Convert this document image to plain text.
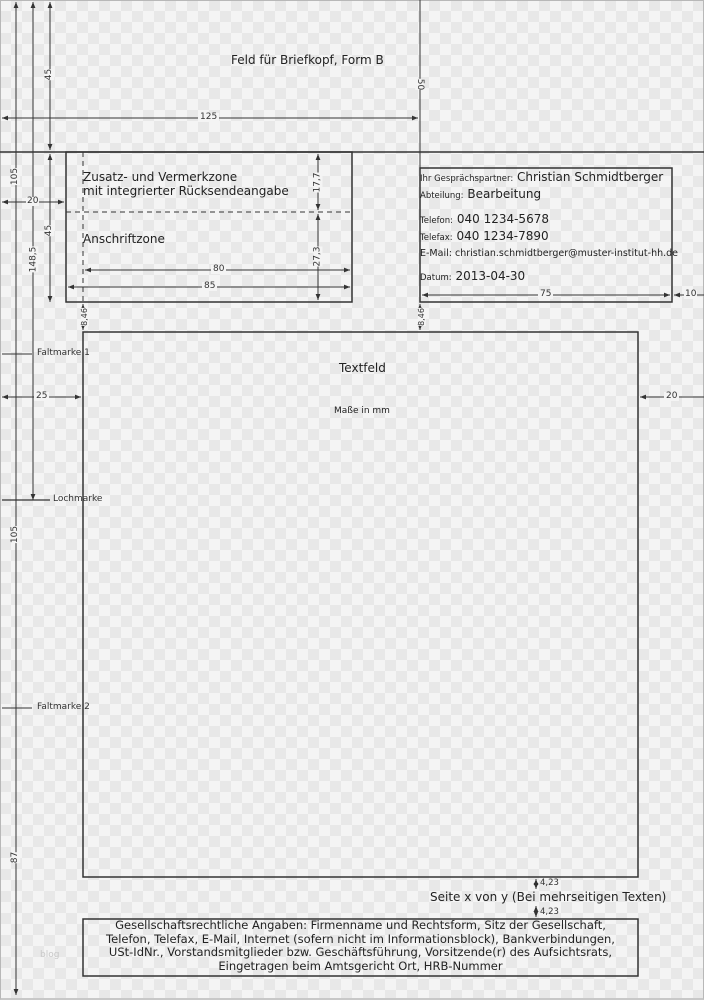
Feld für Briefkopf, Form B
Zusatz- und Vermerkzone
mit integrierter Rücksendeangabe
Anschriftzone
Textfeld
Maße in mm
Seite x von y (Bei mehrseitigen Texten)
Faltmarke 1
Lochmarke
Faltmarke 2
Ihr Gesprächspartner: Christian Schmidtberger
Abteilung: Bearbeitung
Telefon: 040 1234-5678
Telefax: 040 1234-7890
E-Mail: christian.schmidtberger@muster-institut-hh.de
Datum: 2013-04-30
Gesellschaftsrechtliche Angaben: Firmenname und Rechtsform, Sitz der Gesellschaft,
Telefon, Telefax, E-Mail, Internet (sofern nicht im Informationsblock), Bankverbindungen,
USt-IdNr., Vorstandsmitglieder bzw. Geschäftsführung, Vorsitzende(r) des Aufsichtsrats,
Eingetragen beim Amtsgericht Ort, HRB-Nummer
125
45
50
105
20
148,5
45
17,7
27,3
80
85
75	10
8,46	8,46
25	20
105
87
4,23
4,23
blog
